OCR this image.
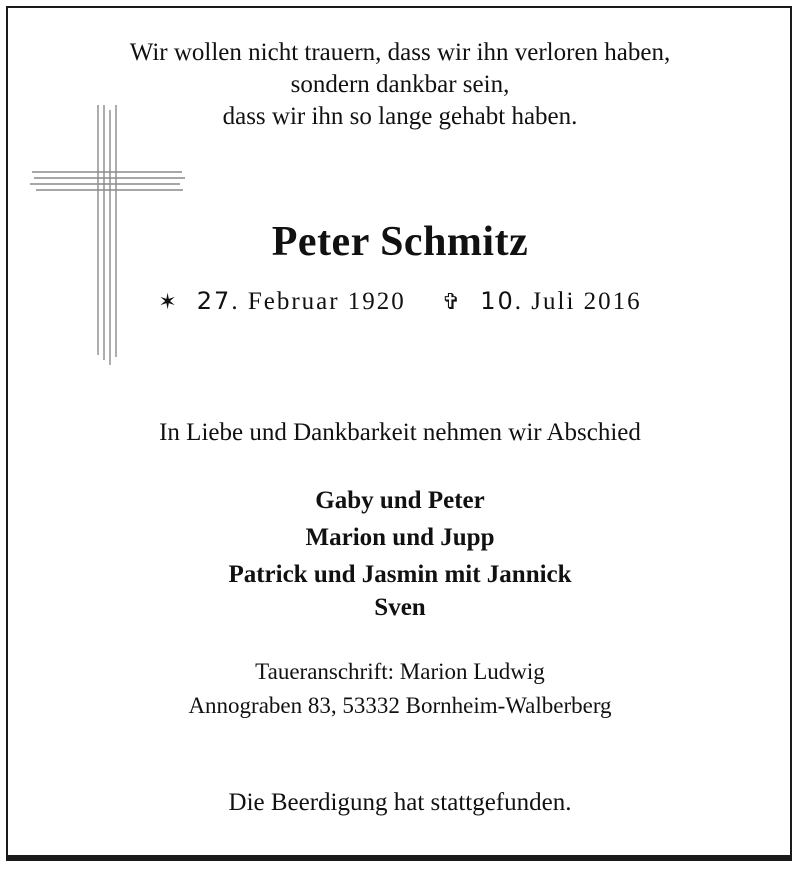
Wir wollen nicht trauern, dass wir ihn verloren haben,
sondern dankbar sein,
dass wir ihn so lange gehabt haben.
Peter Schmitz
✶ 27. Februar 1920 ✞ 10. Juli 2016
In Liebe und Dankbarkeit nehmen wir Abschied
Gaby und Peter
Marion und Jupp
Patrick und Jasmin mit Jannick
Sven
Taueranschrift: Marion Ludwig
Annograben 83, 53332 Bornheim-Walberberg
Die Beerdigung hat stattgefunden.
